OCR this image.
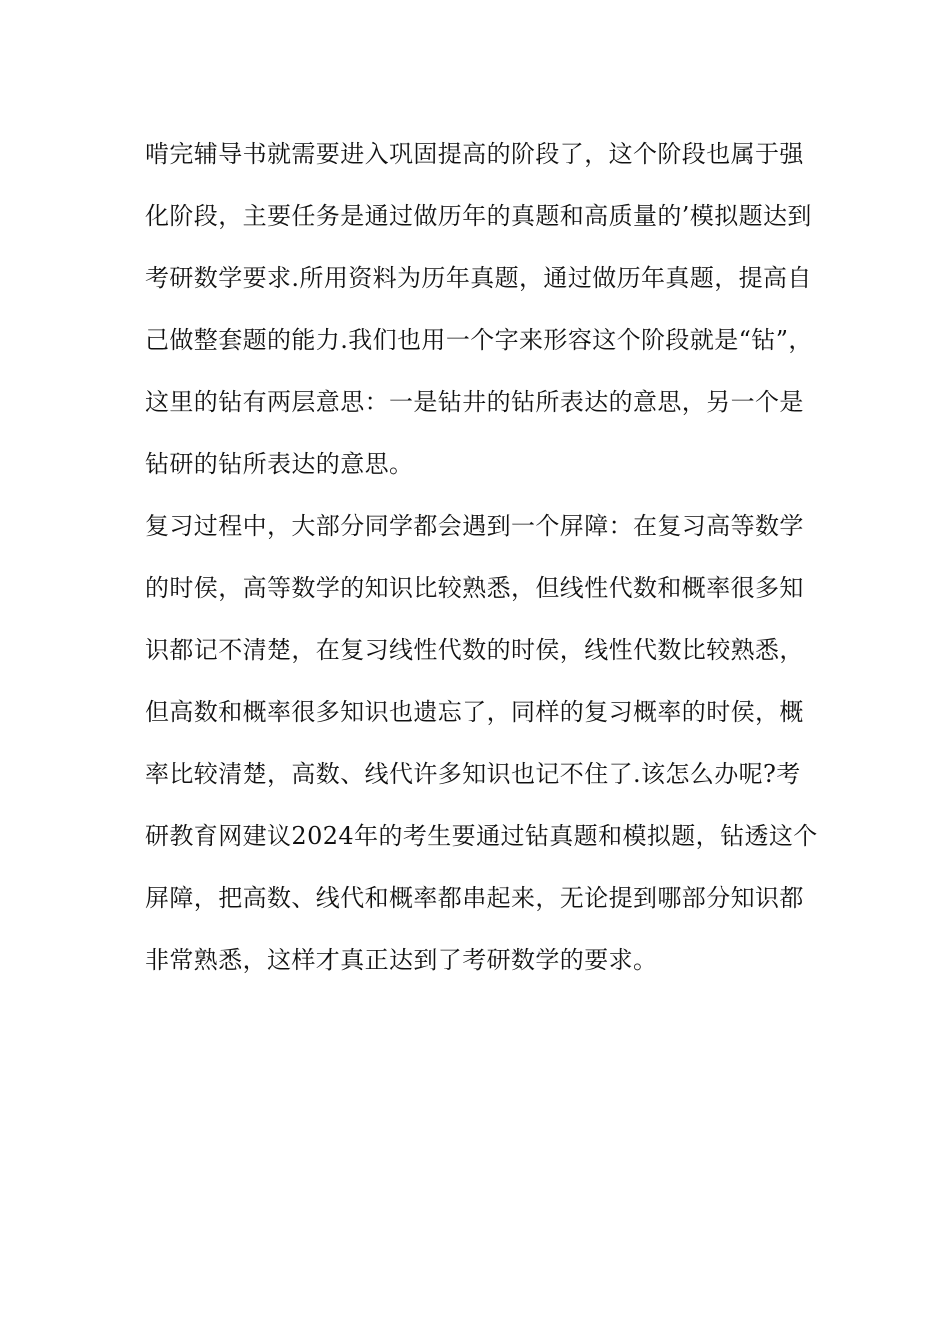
啃完辅导书就需要进入巩固提高的阶段了，这个阶段也属于强
化阶段，主要任务是通过做历年的真题和高质量的’模拟题达到
考研数学要求.所用资料为历年真题，通过做历年真题，提高自
己做整套题的能力.我们也用一个字来形容这个阶段就是“钻”，
这里的钻有两层意思：一是钻井的钻所表达的意思，另一个是
钻研的钻所表达的意思。
复习过程中，大部分同学都会遇到一个屏障：在复习高等数学
的时侯，高等数学的知识比较熟悉，但线性代数和概率很多知
识都记不清楚，在复习线性代数的时侯，线性代数比较熟悉，
但高数和概率很多知识也遗忘了，同样的复习概率的时侯，概
率比较清楚，高数、线代许多知识也记不住了.该怎么办呢?考
研教育网建议2024年的考生要通过钻真题和模拟题，钻透这个
屏障，把高数、线代和概率都串起来，无论提到哪部分知识都
非常熟悉，这样才真正达到了考研数学的要求。
